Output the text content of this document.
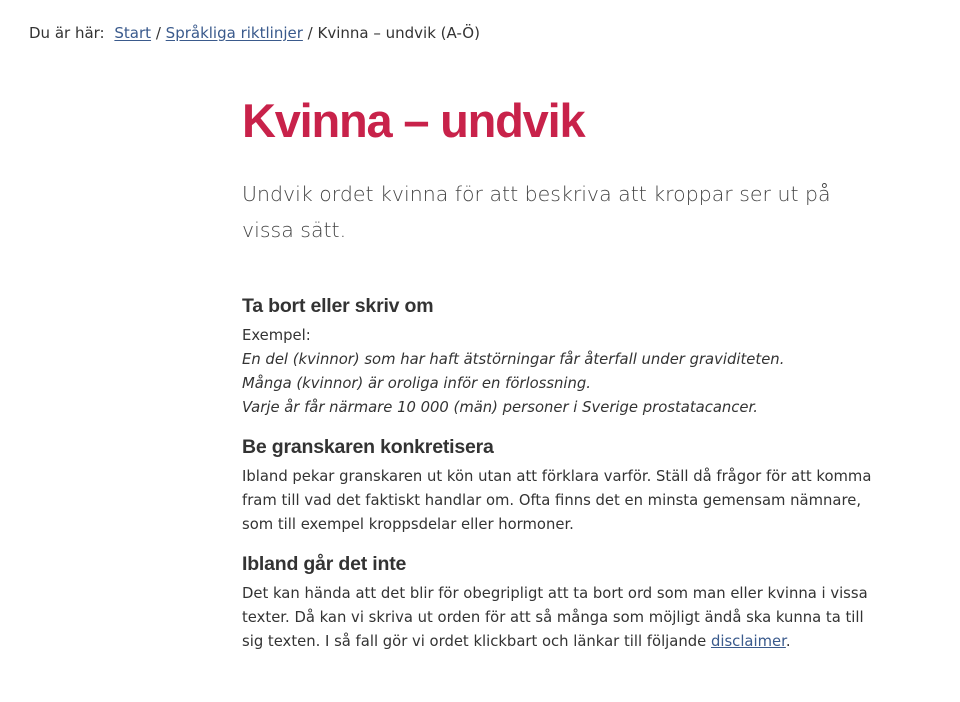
Du är här: Start / Språkliga riktlinjer / Kvinna – undvik (A-Ö)
Kvinna – undvik

Undvik ordet kvinna för att beskriva att kroppar ser ut på vissa sätt.

Ta bort eller skriv om

Exempel:
En del (kvinnor) som har haft ätstörningar får återfall under graviditeten.
Många (kvinnor) är oroliga inför en förlossning.
Varje år får närmare 10 000 (män) personer i Sverige prostatacancer.

Be granskaren konkretisera

Ibland pekar granskaren ut kön utan att förklara varför. Ställ då frågor för att komma fram till vad det faktiskt handlar om. Ofta finns det en minsta gemensam nämnare, som till exempel kroppsdelar eller hormoner.

Ibland går det inte

Det kan hända att det blir för obegripligt att ta bort ord som man eller kvinna i vissa texter. Då kan vi skriva ut orden för att så många som möjligt ändå ska kunna ta till sig texten. I så fall gör vi ordet klickbart och länkar till följande disclaimer.
